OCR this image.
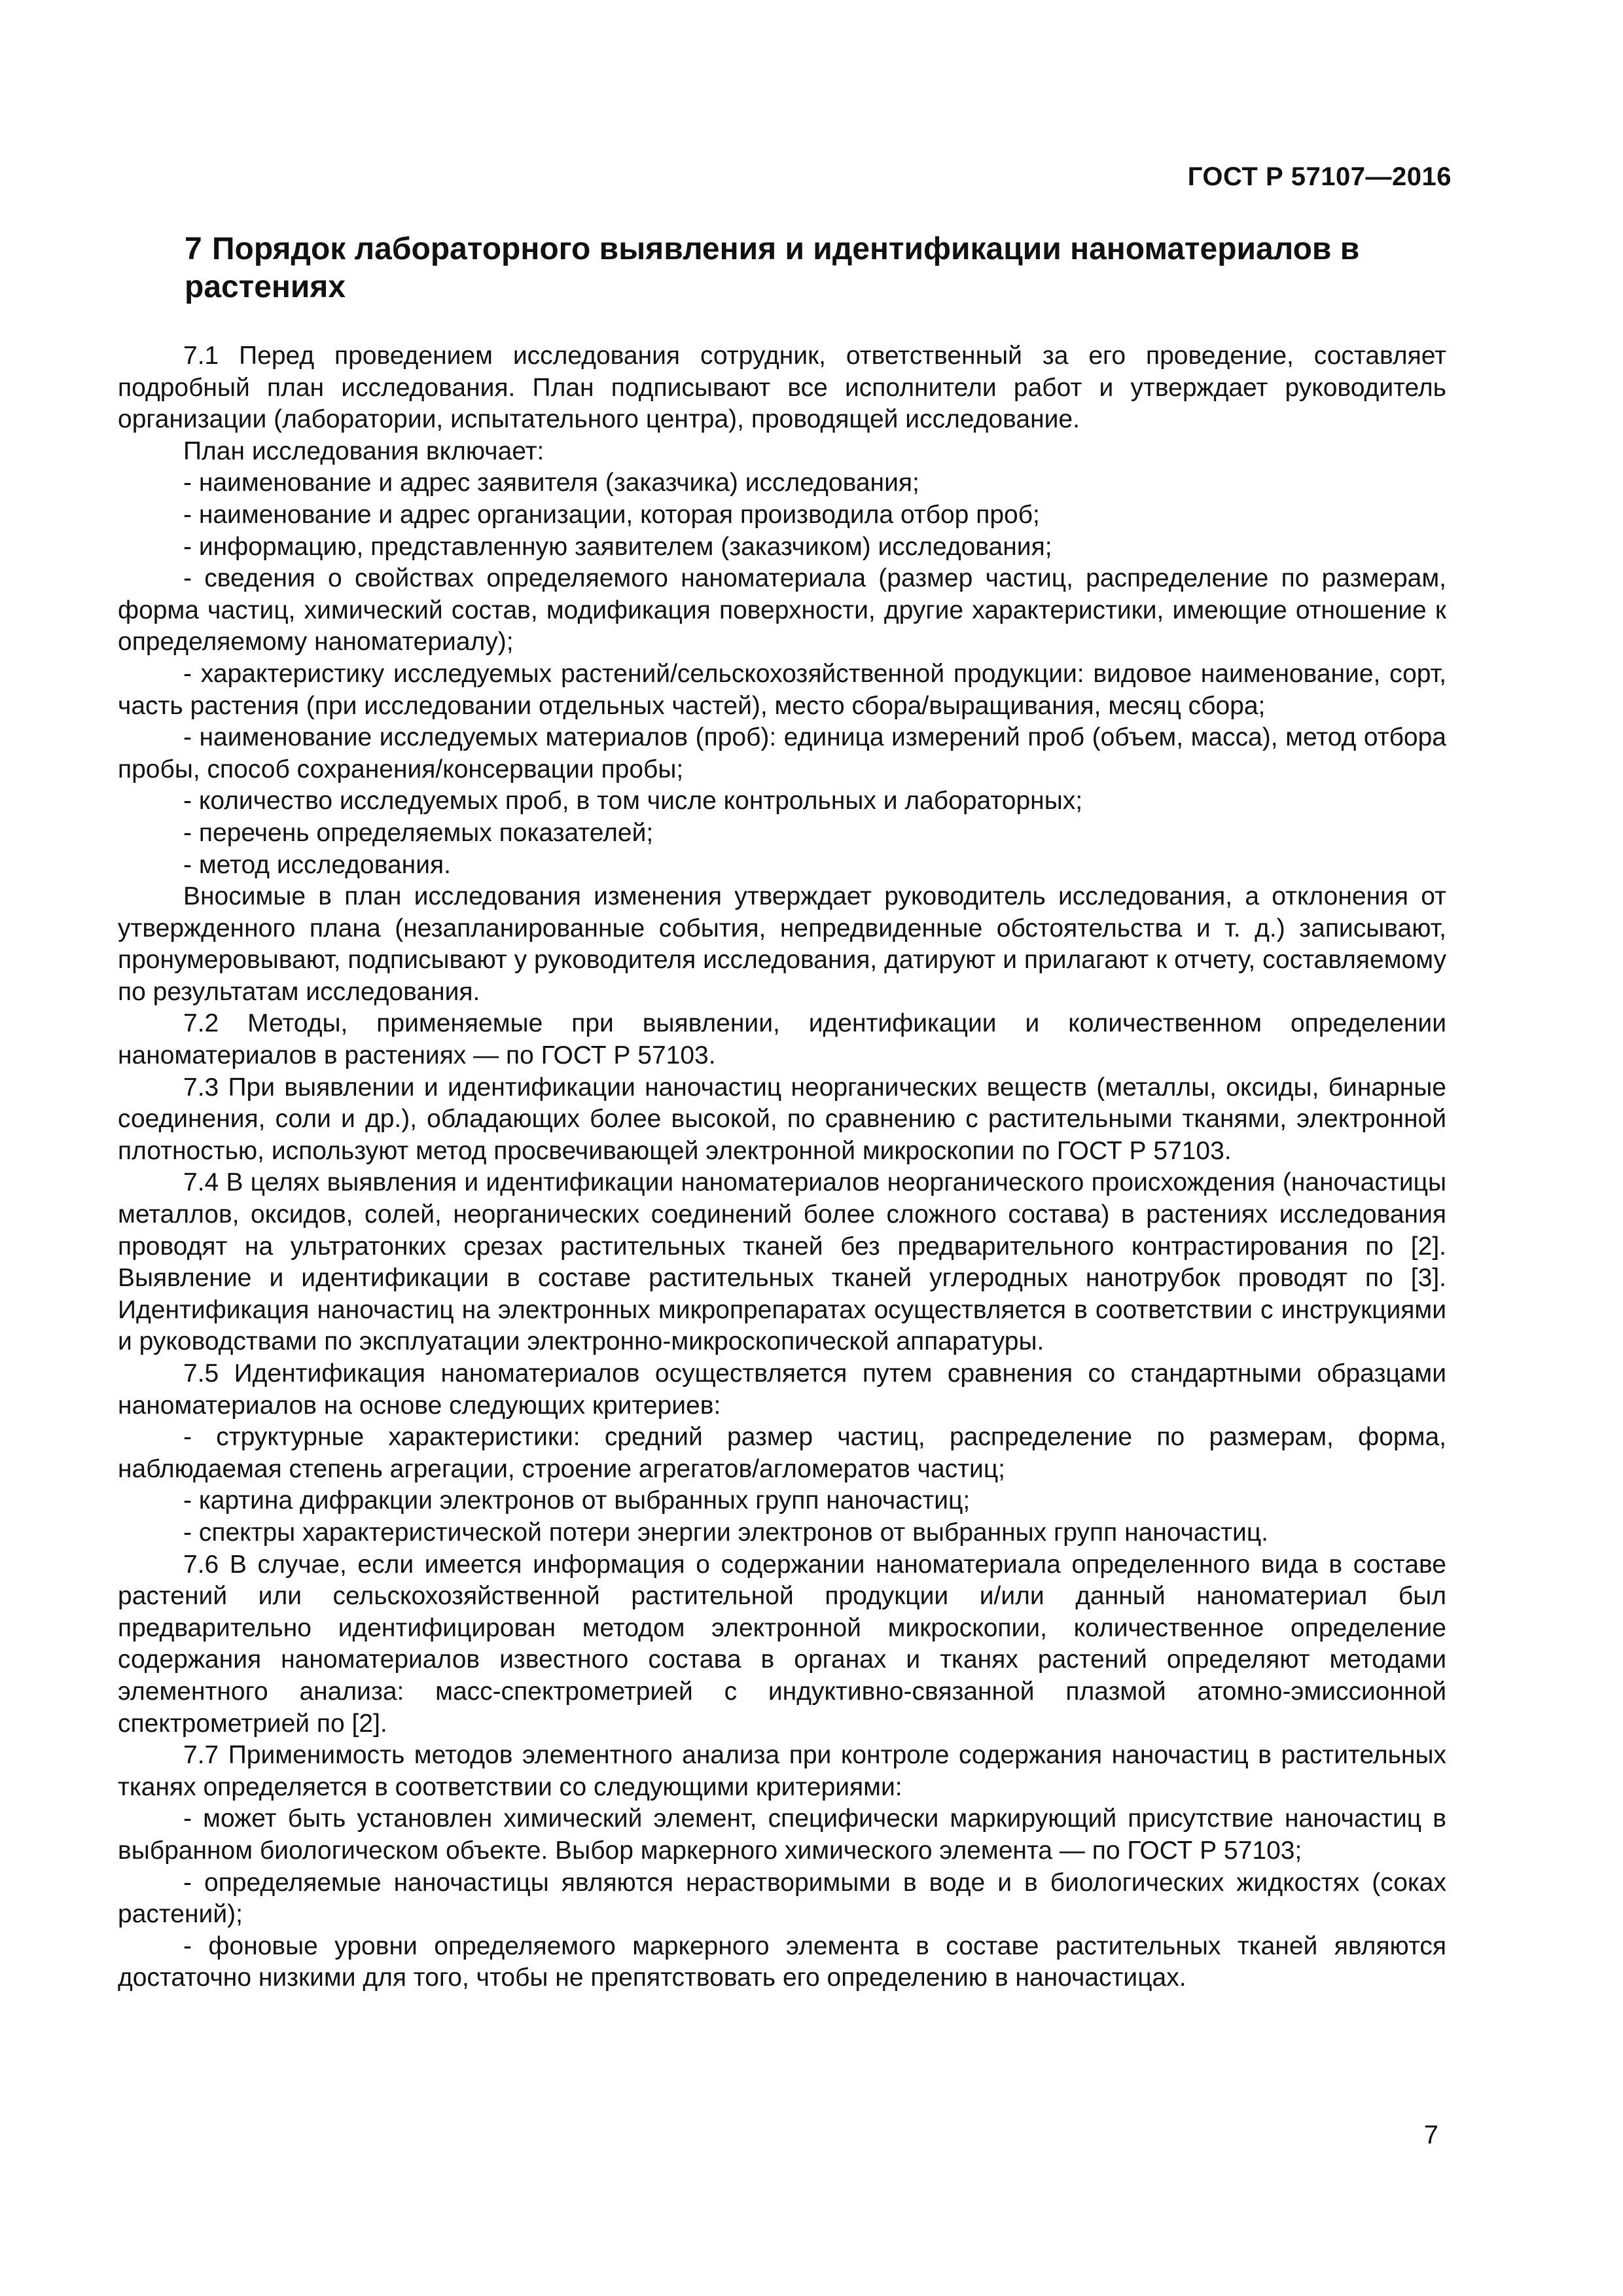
ГОСТ Р 57107—2016
7 Порядок лабораторного выявления и идентификации наноматериалов в растениях

7.1 Перед проведением исследования сотрудник, ответственный за его проведение, составляет подробный план исследования. План подписывают все исполнители работ и утверждает руководитель организации (лаборатории, испытательного центра), проводящей исследование.

План исследования включает:

- наименование и адрес заявителя (заказчика) исследования;

- наименование и адрес организации, которая производила отбор проб;

- информацию, представленную заявителем (заказчиком) исследования;

- сведения о свойствах определяемого наноматериала (размер частиц, распределение по размерам, форма частиц, химический состав, модификация поверхности, другие характеристики, имеющие отношение к определяемому наноматериалу);

- характеристику исследуемых растений/сельскохозяйственной продукции: видовое наименование, сорт, часть растения (при исследовании отдельных частей), место сбора/выращивания, месяц сбора;

- наименование исследуемых материалов (проб): единица измерений проб (объем, масса), метод отбора пробы, способ сохранения/консервации пробы;

- количество исследуемых проб, в том числе контрольных и лабораторных;

- перечень определяемых показателей;

- метод исследования.

Вносимые в план исследования изменения утверждает руководитель исследования, а отклонения от утвержденного плана (незапланированные события, непредвиденные обстоятельства и т. д.) записывают, пронумеровывают, подписывают у руководителя исследования, датируют и прилагают к отчету, составляемому по результатам исследования.

7.2 Методы, применяемые при выявлении, идентификации и количественном определении наноматериалов в растениях — по ГОСТ Р 57103.

7.3 При выявлении и идентификации наночастиц неорганических веществ (металлы, оксиды, бинарные соединения, соли и др.), обладающих более высокой, по сравнению с растительными тканями, электронной плотностью, используют метод просвечивающей электронной микроскопии по ГОСТ Р 57103.

7.4 В целях выявления и идентификации наноматериалов неорганического происхождения (наночастицы металлов, оксидов, солей, неорганических соединений более сложного состава) в растениях исследования проводят на ультратонких срезах растительных тканей без предварительного контрастирования по [2]. Выявление и идентификации в составе растительных тканей углеродных нанотрубок проводят по [3]. Идентификация наночастиц на электронных микропрепаратах осуществляется в соответствии с инструкциями и руководствами по эксплуатации электронно-микроскопической аппаратуры.

7.5 Идентификация наноматериалов осуществляется путем сравнения со стандартными образцами наноматериалов на основе следующих критериев:

- структурные характеристики: средний размер частиц, распределение по размерам, форма, наблюдаемая степень агрегации, строение агрегатов/агломератов частиц;

- картина дифракции электронов от выбранных групп наночастиц;

- спектры характеристической потери энергии электронов от выбранных групп наночастиц.

7.6 В случае, если имеется информация о содержании наноматериала определенного вида в составе растений или сельскохозяйственной растительной продукции и/или данный наноматериал был предварительно идентифицирован методом электронной микроскопии, количественное определение содержания наноматериалов известного состава в органах и тканях растений определяют методами элементного анализа: масс-спектрометрией с индуктивно-связанной плазмой атомно-эмиссионной спектрометрией по [2].

7.7 Применимость методов элементного анализа при контроле содержания наночастиц в растительных тканях определяется в соответствии со следующими критериями:

- может быть установлен химический элемент, специфически маркирующий присутствие наночастиц в выбранном биологическом объекте. Выбор маркерного химического элемента — по ГОСТ Р 57103;

- определяемые наночастицы являются нерастворимыми в воде и в биологических жидкостях (соках растений);

- фоновые уровни определяемого маркерного элемента в составе растительных тканей являются достаточно низкими для того, чтобы не препятствовать его определению в наночастицах.

7
